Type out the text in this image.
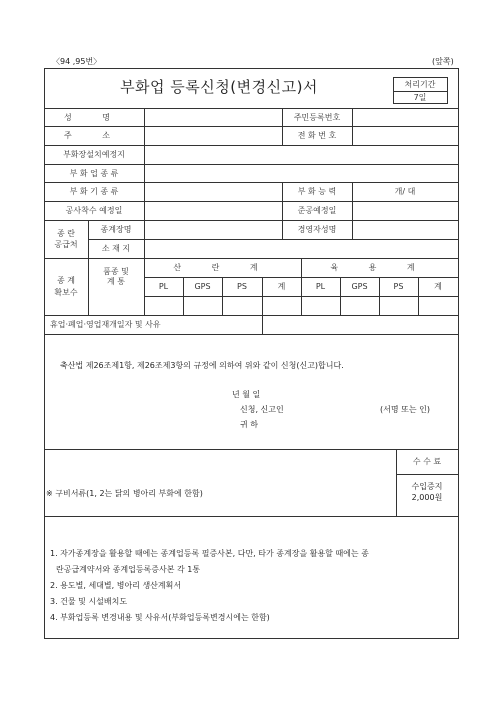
〈94 ,95번〉	(앞쪽)
부화업 등록신청(변경신고)서	처리기간
7일
성 명	주민등록번호
주 소	전 화 번 호
부화장설치예정지
부 화 업 종 류
부 화 기 종 류	부 화 능 력	개/ 대
공사착수 예정일	준공예정일
종 란
공급처
종계장명	경영자성명
소 재 지
종 계
확보수
품종 및
계 통
산 란 계	육 용 계
PL	GPS	PS	계	PL	GPS	PS	계
휴업·폐업·영업재개일자 및 사유
축산법 제26조제1항, 제26조제3항의 규정에 의하여 위와 같이 신청(신고)합니다.
년 월 일
신청, 신고인	(서명 또는 인)
귀 하
수 수 료
수입증지
2,000원
※ 구비서류(1, 2는 닭의 병아리 부화에 한함)
1. 자가종계장을 활용할 때에는 종계업등록 필증사본, 다만, 타가 종계장을 활용할 때에는 종
란공급계약서와 종계업등록증사본 각 1통
2. 용도별, 세대별, 병아리 생산계획서
3. 건물 및 시설배치도
4. 부화업등록 변경내용 및 사유서(부화업등록변경시에는 한함)
